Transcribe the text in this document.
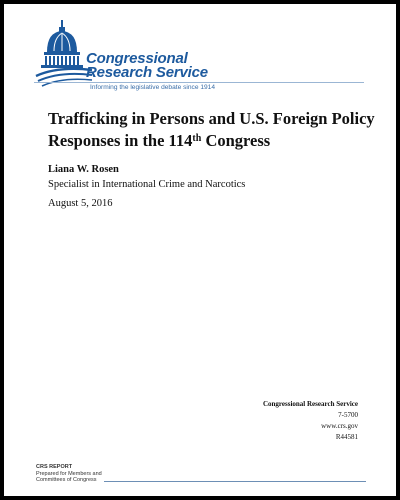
Congressional
Research Service
Informing the legislative debate since 1914
Trafficking in Persons and U.S. Foreign Policy Responses in the 114th Congress
Liana W. Rosen
Specialist in International Crime and Narcotics
August 5, 2016
Congressional Research Service
7-5700
www.crs.gov
R44581
CRS REPORT
Prepared for Members and
Committees of Congress
